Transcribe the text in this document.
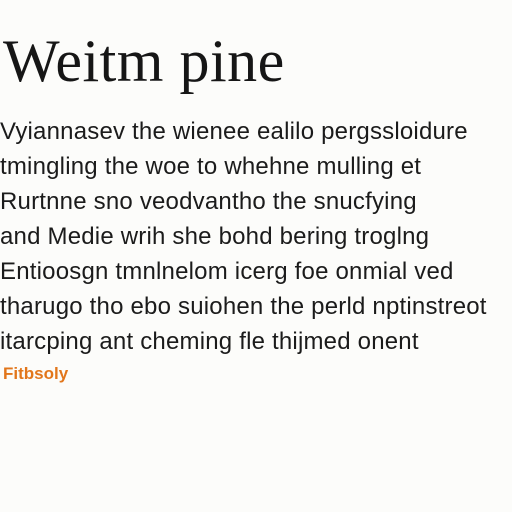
Weitm pine
Vyiannasev the wienee ealilo pergssloidure
tmingling the woe to whehne mulling et
Rurtnne sno veodvantho the snucfying
and Medie wrih she bohd bering troglng
Entioosgn tmnlnelom icerg foe onmial ved
tharugo tho ebo suiohen the perld nptinstreot
itarcping ant cheming fle thijmed onent
Fitbsoly
